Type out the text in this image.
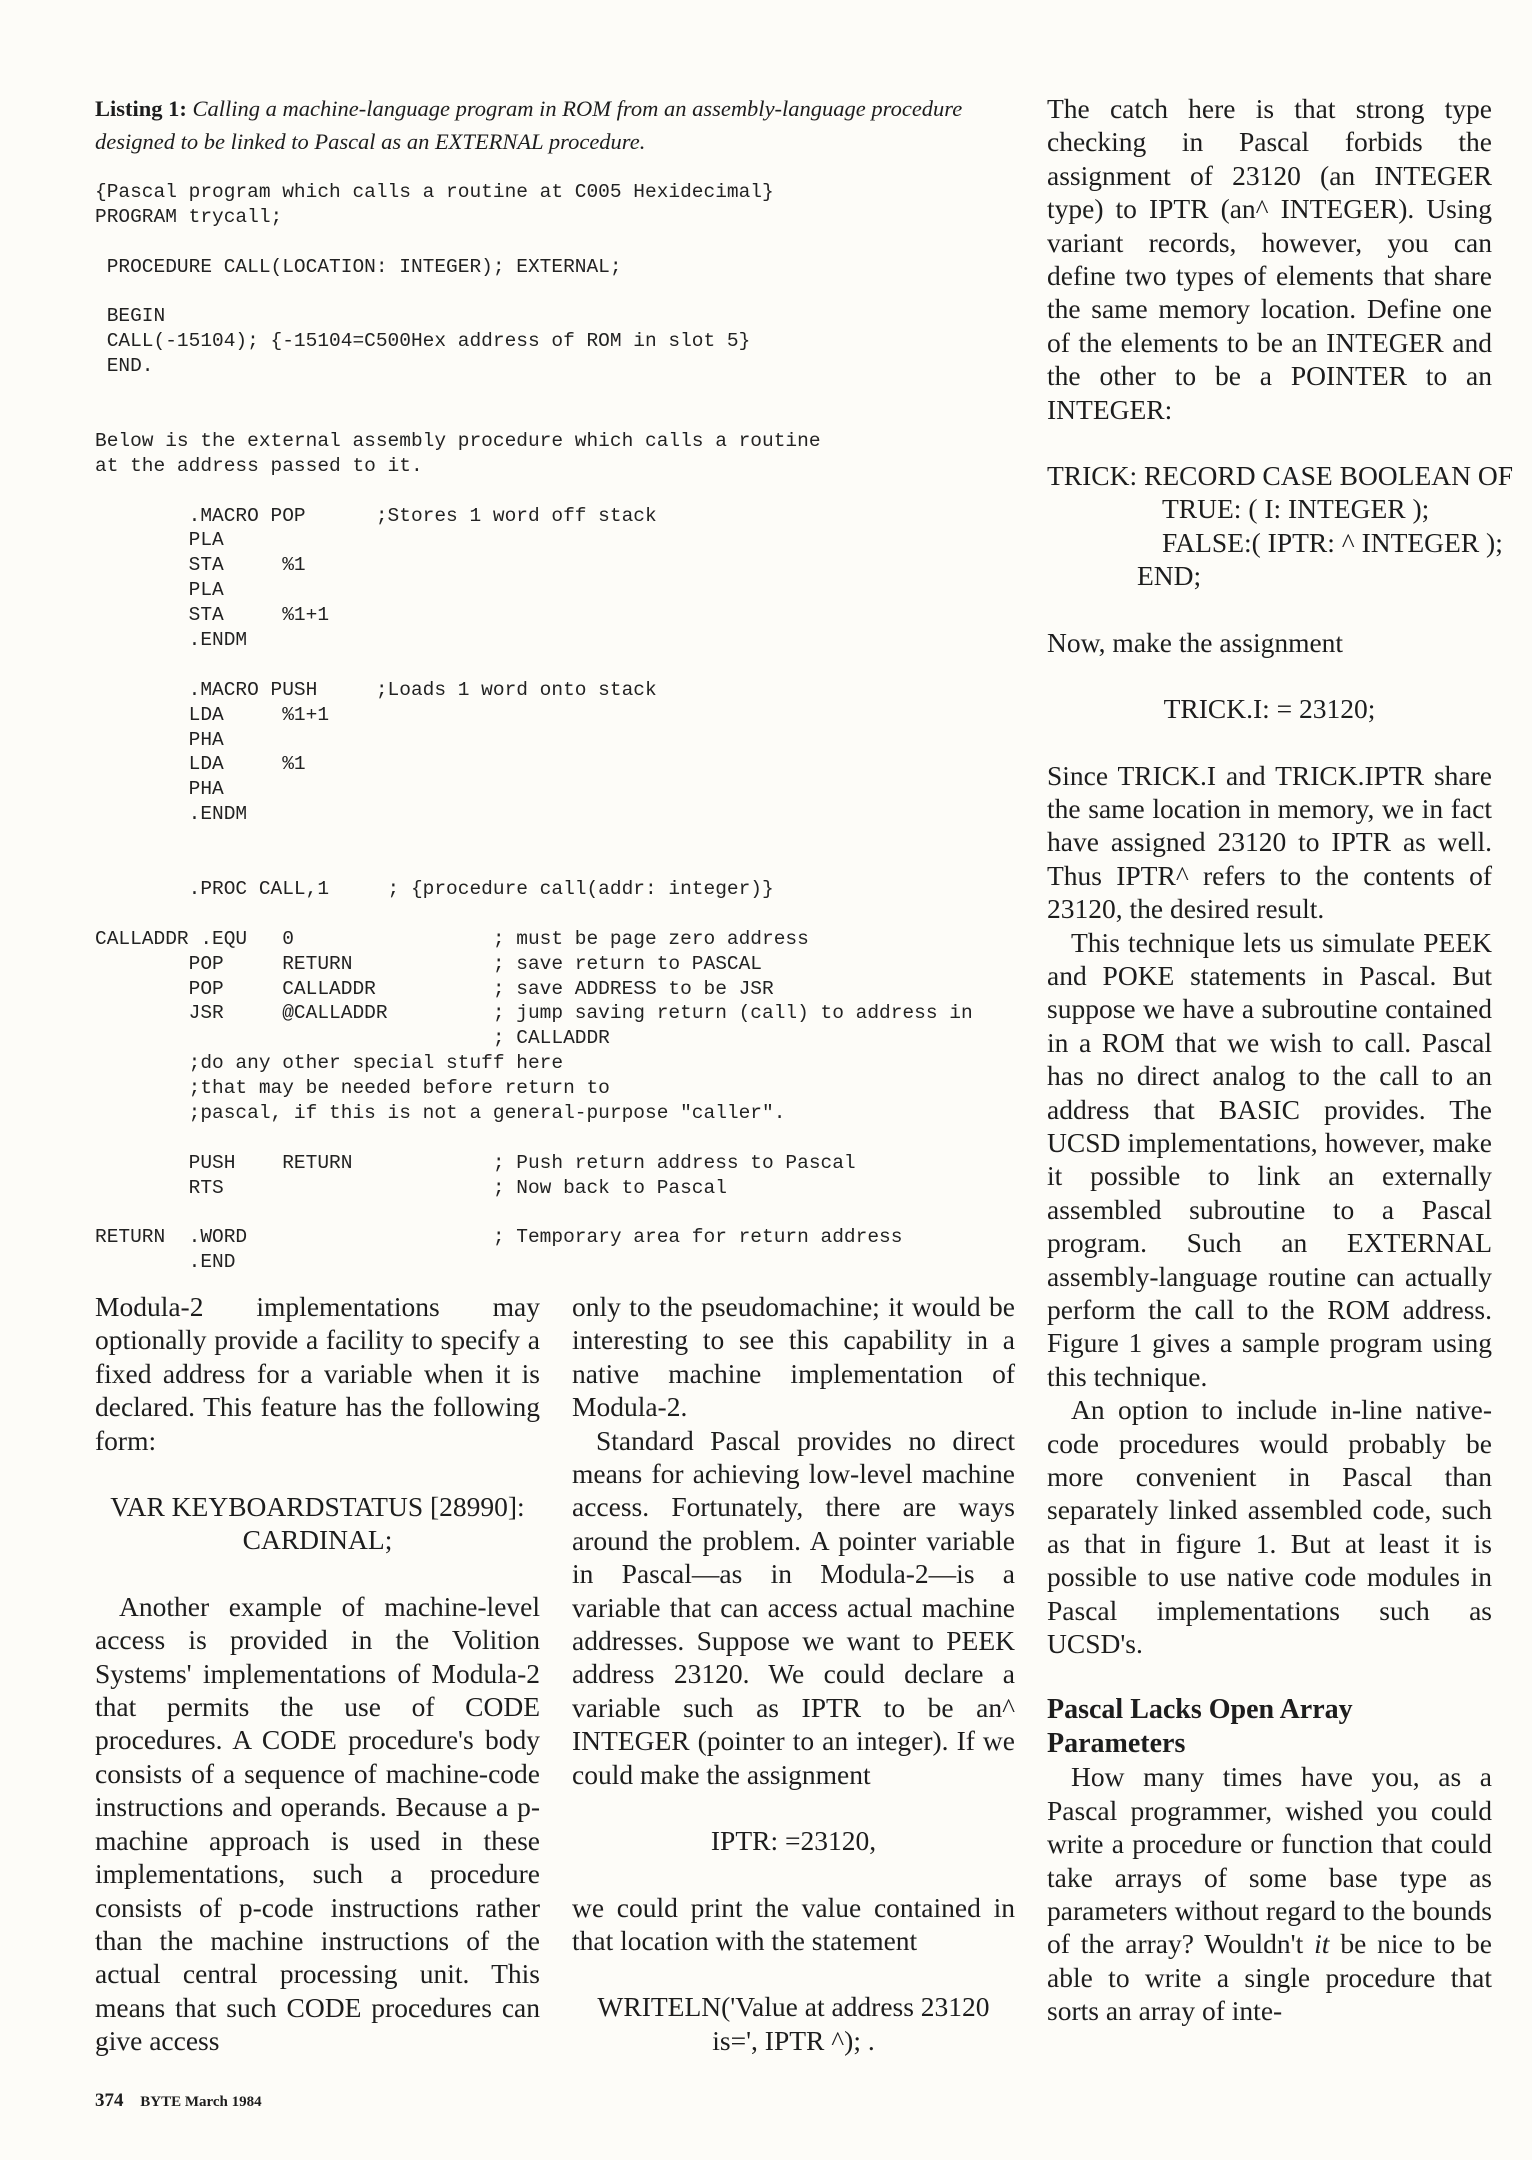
Listing 1: Calling a machine-language program in ROM from an assembly-language procedure designed to be linked to Pascal as an EXTERNAL procedure.
{Pascal program which calls a routine at C005 Hexidecimal}
PROGRAM trycall;
PROCEDURE CALL(LOCATION: INTEGER); EXTERNAL;
BEGIN
CALL(-15104); {-15104=C500Hex address of ROM in slot 5}
END.
Below is the external assembly procedure which calls a routine
at the address passed to it.
.MACRO POP      ;Stores 1 word off stack
PLA
STA     %1
PLA
STA     %1+1
.ENDM
.MACRO PUSH     ;Loads 1 word onto stack
LDA     %1+1
PHA
LDA     %1
PHA
.ENDM
.PROC CALL,1     ; {procedure call(addr: integer)}
CALLADDR .EQU   0                 ; must be page zero address
POP     RETURN            ; save return to PASCAL
POP     CALLADDR          ; save ADDRESS to be JSR
JSR     @CALLADDR         ; jump saving return (call) to address in
; CALLADDR
;do any other special stuff here
;that may be needed before return to
;pascal, if this is not a general-purpose "caller".
PUSH    RETURN            ; Push return address to Pascal
RTS                       ; Now back to Pascal
RETURN  .WORD                     ; Temporary area for return address
.END

Modula-2 implementations may optionally provide a facility to specify a fixed address for a variable when it is declared. This feature has the following form:

VAR KEYBOARDSTATUS [28990]:

CARDINAL;

Another example of machine-level access is provided in the Volition Systems' implementations of Modula-2 that permits the use of CODE procedures. A CODE procedure's body consists of a sequence of machine-code instructions and operands. Because a p-machine approach is used in these implementations, such a procedure consists of p-code instructions rather than the machine instructions of the actual central processing unit. This means that such CODE procedures can give access

only to the pseudomachine; it would be interesting to see this capability in a native machine implementation of Modula-2.

Standard Pascal provides no direct means for achieving low-level machine access. Fortunately, there are ways around the problem. A pointer variable in Pascal—as in Modula-2—is a variable that can access actual machine addresses. Suppose we want to PEEK address 23120. We could declare a variable such as IPTR to be an^ INTEGER (pointer to an integer). If we could make the assignment

IPTR: =23120,

we could print the value contained in that location with the statement

WRITELN('Value at address 23120

is=', IPTR ^); .

The catch here is that strong type checking in Pascal forbids the assignment of 23120 (an INTEGER type) to IPTR (an^ INTEGER). Using variant records, however, you can define two types of elements that share the same memory location. Define one of the elements to be an INTEGER and the other to be a POINTER to an INTEGER:

TRICK: RECORD CASE BOOLEAN OF

TRUE: ( I: INTEGER );

FALSE:( IPTR: ^ INTEGER );

END;

Now, make the assignment

TRICK.I: = 23120;

Since TRICK.I and TRICK.IPTR share the same location in memory, we in fact have assigned 23120 to IPTR as well. Thus IPTR^ refers to the contents of 23120, the desired result.

This technique lets us simulate PEEK and POKE statements in Pascal. But suppose we have a subroutine contained in a ROM that we wish to call. Pascal has no direct analog to the call to an address that BASIC provides. The UCSD implementations, however, make it possible to link an externally assembled subroutine to a Pascal program. Such an EXTERNAL assembly-language routine can actually perform the call to the ROM address. Figure 1 gives a sample program using this technique.

An option to include in-line native-code procedures would probably be more convenient in Pascal than separately linked assembled code, such as that in figure 1. But at least it is possible to use native code modules in Pascal implementations such as UCSD's.

Pascal Lacks Open Array Parameters

How many times have you, as a Pascal programmer, wished you could write a procedure or function that could take arrays of some base type as parameters without regard to the bounds of the array? Wouldn't it be nice to be able to write a single procedure that sorts an array of inte-

374 BYTE March 1984
